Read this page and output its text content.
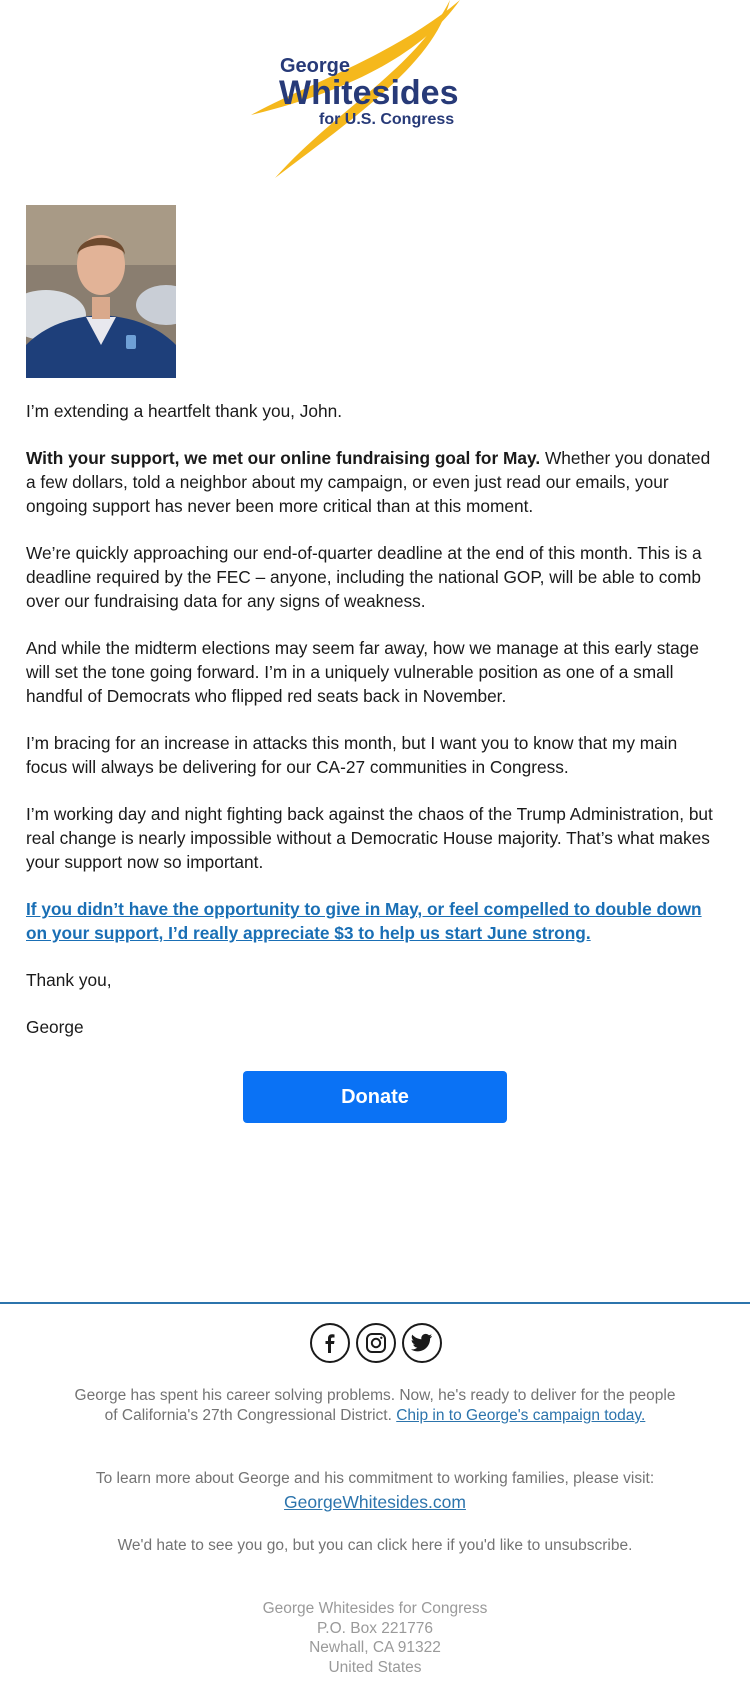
George
Whitesides
for U.S. Congress

I’m extending a heartfelt thank you, John.

With your support, we met our online fundraising goal for May. Whether you donated a few dollars, told a neighbor about my campaign, or even just read our emails, your ongoing support has never been more critical than at this moment.

We’re quickly approaching our end-of-quarter deadline at the end of this month. This is a deadline required by the FEC – anyone, including the national GOP, will be able to comb over our fundraising data for any signs of weakness.

And while the midterm elections may seem far away, how we manage at this early stage will set the tone going forward. I’m in a uniquely vulnerable position as one of a small handful of Democrats who flipped red seats back in November.

I’m bracing for an increase in attacks this month, but I want you to know that my main focus will always be delivering for our CA-27 communities in Congress.

I’m working day and night fighting back against the chaos of the Trump Administration, but real change is nearly impossible without a Democratic House majority. That’s what makes your support now so important.

If you didn’t have the opportunity to give in May, or feel compelled to double down on your support, I’d really appreciate $3 to help us start June strong.

Thank you,

George

Donate
George has spent his career solving problems. Now, he's ready to deliver for the people of California's 27th Congressional District. Chip in to George's campaign today.
To learn more about George and his commitment to working families, please visit:
GeorgeWhitesides.com
We'd hate to see you go, but you can click here if you'd like to unsubscribe.
George Whitesides for Congress
P.O. Box 221776
Newhall, CA 91322
United States
